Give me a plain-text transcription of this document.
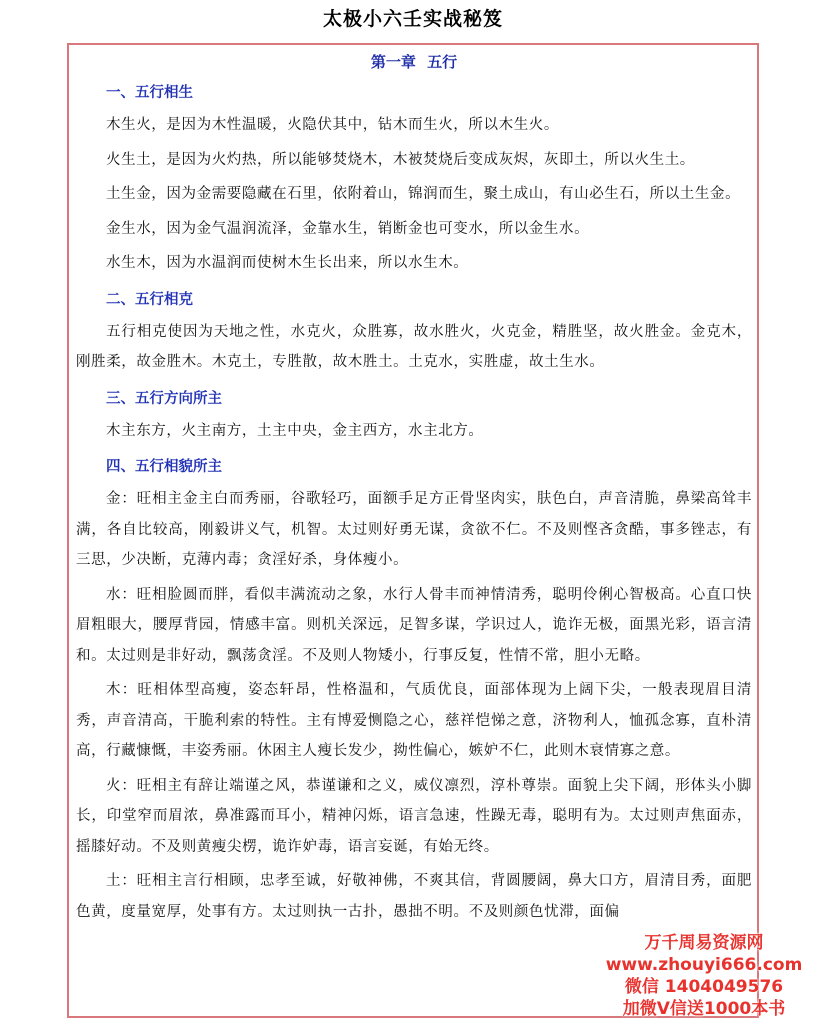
太极小六壬实战秘笈
第一章 五行
一、五行相生

木生火，是因为木性温暖，火隐伏其中，钻木而生火，所以木生火。

火生土，是因为火灼热，所以能够焚烧木，木被焚烧后变成灰烬，灰即土，所以火生土。

土生金，因为金需要隐藏在石里，依附着山，锦润而生，聚土成山，有山必生石，所以土生金。

金生水，因为金气温润流泽，金靠水生，销断金也可变水，所以金生水。

水生木，因为水温润而使树木生长出来，所以水生木。

二、五行相克

五行相克使因为天地之性，水克火，众胜寡，故水胜火，火克金，精胜坚，故火胜金。金克木，刚胜柔，故金胜木。木克土，专胜散，故木胜土。土克水，实胜虚，故土生水。

三、五行方向所主

木主东方，火主南方，土主中央，金主西方，水主北方。

四、五行相貌所主

金：旺相主金主白而秀丽，谷歌轻巧，面额手足方正骨坚肉实，肤色白，声音清脆，鼻梁高耸丰满，各自比较高，刚毅讲义气，机智。太过则好勇无谋，贪欲不仁。不及则悭吝贪酷，事多锉志，有三思，少决断，克薄内毒；贪淫好杀，身体瘦小。

水：旺相脸圆而胖，看似丰满流动之象，水行人骨丰而神情清秀，聪明伶俐心智极高。心直口快眉粗眼大，腰厚背园，情感丰富。则机关深远，足智多谋，学识过人，诡诈无极，面黑光彩，语言清和。太过则是非好动，飘荡贪淫。不及则人物矮小，行事反复，性情不常，胆小无略。

木：旺相体型高瘦，姿态轩昂，性格温和，气质优良，面部体现为上阔下尖，一般表现眉目清秀，声音清高，干脆利索的特性。主有博爱恻隐之心，慈祥恺悌之意，济物利人，恤孤念寡，直朴清高，行藏慷慨，丰姿秀丽。休困主人瘦长发少，拗性偏心，嫉妒不仁，此则木衰情寡之意。

火：旺相主有辞让端谨之风，恭谨谦和之义，威仪凛烈，淳朴尊崇。面貌上尖下阔，形体头小脚长，印堂窄而眉浓，鼻准露而耳小，精神闪烁，语言急速，性躁无毒，聪明有为。太过则声焦面赤，摇膝好动。不及则黄瘦尖楞，诡诈妒毒，语言妄诞，有始无终。

土：旺相主言行相顾，忠孝至诚，好敬神佛，不爽其信，背圆腰阔，鼻大口方，眉清目秀，面肥色黄，度量宽厚，处事有方。太过则执一古扑，愚拙不明。不及则颜色忧滞，面偏

万千周易资源网
www.zhouyi666.com
微信 1404049576
加微V信送1000本书
